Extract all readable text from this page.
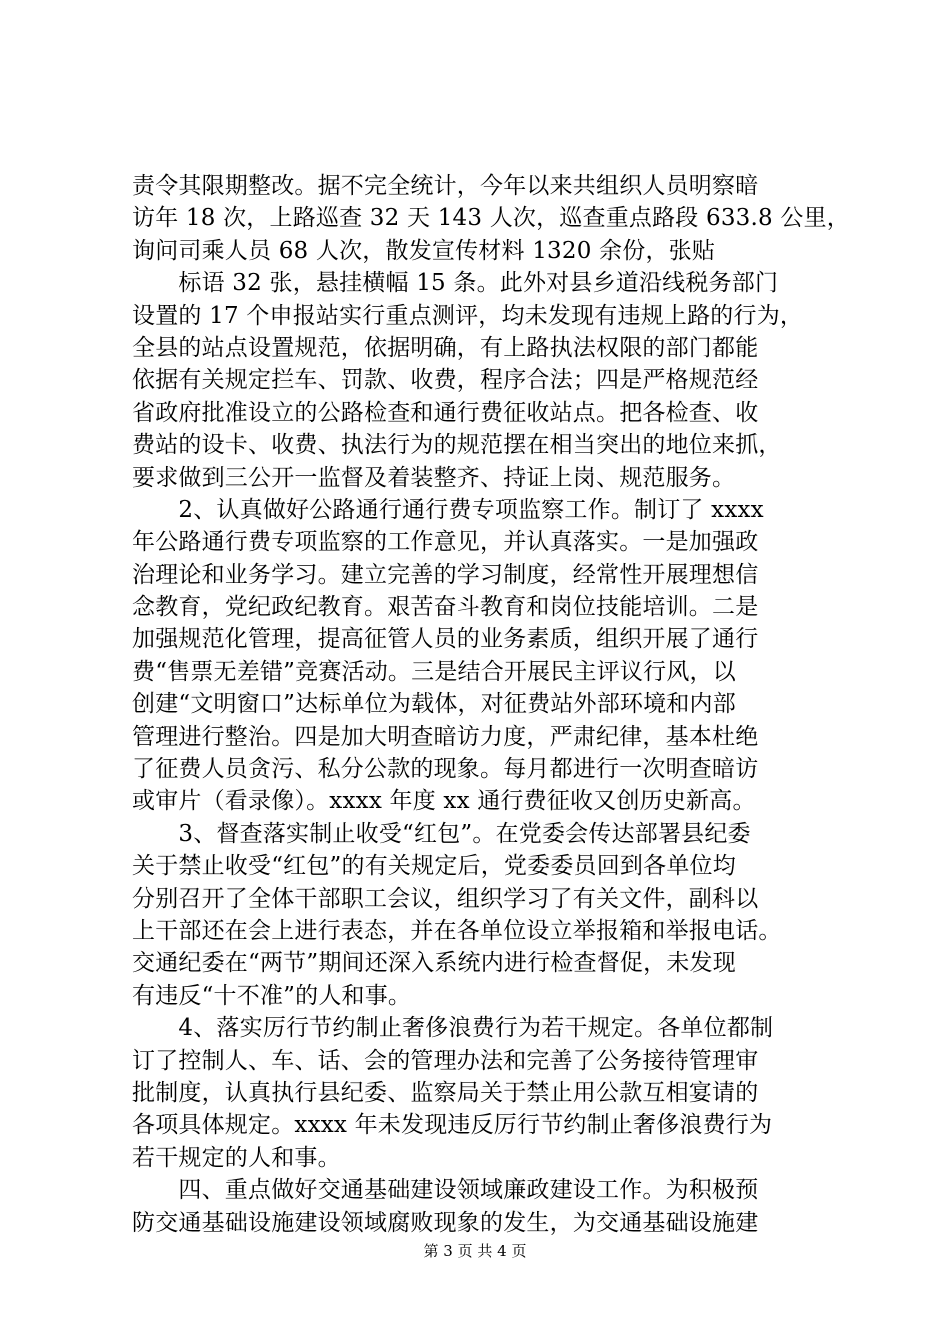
责令其限期整改。据不完全统计，今年以来共组织人员明察暗
访年 18 次，上路巡查 32 天 143 人次，巡查重点路段 633.8 公里，
询问司乘人员 68 人次，散发宣传材料 1320 余份，张贴
　　标语 32 张，悬挂横幅 15 条。此外对县乡道沿线税务部门
设置的 17 个申报站实行重点测评，均未发现有违规上路的行为，
全县的站点设置规范，依据明确，有上路执法权限的部门都能
依据有关规定拦车、罚款、收费，程序合法；四是严格规范经
省政府批准设立的公路检查和通行费征收站点。把各检查、收
费站的设卡、收费、执法行为的规范摆在相当突出的地位来抓，
要求做到三公开一监督及着装整齐、持证上岗、规范服务。
　　2、认真做好公路通行通行费专项监察工作。制订了 xxxx
年公路通行费专项监察的工作意见，并认真落实。一是加强政
治理论和业务学习。建立完善的学习制度，经常性开展理想信
念教育，党纪政纪教育。艰苦奋斗教育和岗位技能培训。二是
加强规范化管理，提高征管人员的业务素质，组织开展了通行
费“售票无差错”竞赛活动。三是结合开展民主评议行风，以
创建“文明窗口”达标单位为载体，对征费站外部环境和内部
管理进行整治。四是加大明查暗访力度，严肃纪律，基本杜绝
了征费人员贪污、私分公款的现象。每月都进行一次明查暗访
或审片（看录像）。xxxx 年度 xx 通行费征收又创历史新高。
　　3、督查落实制止收受“红包”。在党委会传达部署县纪委
关于禁止收受“红包”的有关规定后，党委委员回到各单位均
分别召开了全体干部职工会议，组织学习了有关文件，副科以
上干部还在会上进行表态，并在各单位设立举报箱和举报电话。
交通纪委在“两节”期间还深入系统内进行检查督促，未发现
有违反“十不准”的人和事。
　　4、落实厉行节约制止奢侈浪费行为若干规定。各单位都制
订了控制人、车、话、会的管理办法和完善了公务接待管理审
批制度，认真执行县纪委、监察局关于禁止用公款互相宴请的
各项具体规定。xxxx 年未发现违反厉行节约制止奢侈浪费行为
若干规定的人和事。
　　四、重点做好交通基础建设领域廉政建设工作。为积极预
防交通基础设施建设领域腐败现象的发生，为交通基础设施建
第 3 页 共 4 页
